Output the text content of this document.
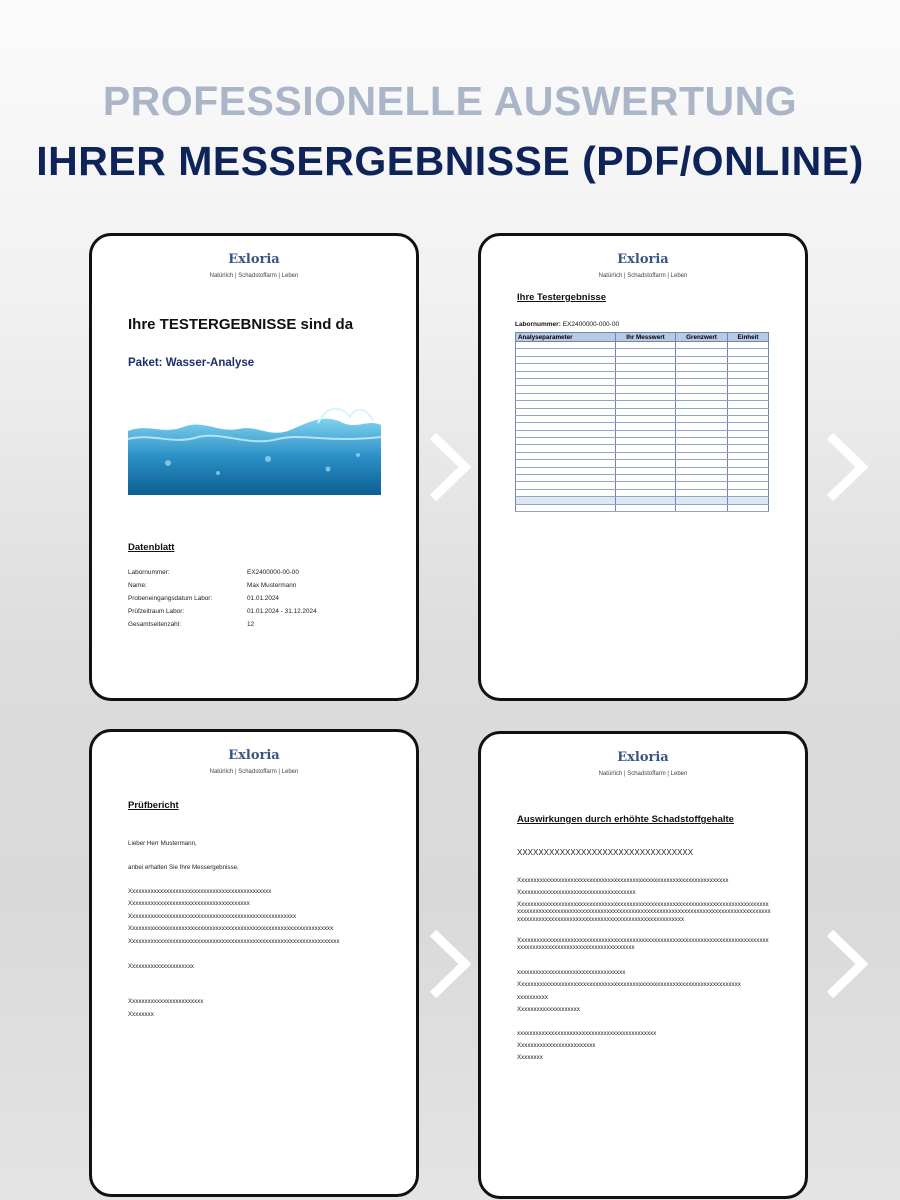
PROFESSIONELLE AUSWERTUNG
IHRER MESSERGEBNISSE (PDF/ONLINE)
Exloria
Natürlich | Schadstoffarm | Leben
Ihre TESTERGEBNISSE sind da
Paket: Wasser-Analyse
Datenblatt
Labornummer:	EX2400000-00-00
Name:	Max Mustermann
Probeneingangsdatum Labor:	01.01.2024
Prüfzeitraum Labor:	01.01.2024 - 31.12.2024
Gesamtseitenzahl:	12
Exloria
Natürlich | Schadstoffarm | Leben
Ihre Testergebnisse
Labornummer: EX2400000-000-00
Analyseparameter	Ihr Messwert	Grenzwert	Einheit

Exloria
Natürlich | Schadstoffarm | Leben
Prüfbericht
Lieber Herr Mustermann,
anbei erhalten Sie Ihre Messergebnisse.
Xxxxxxxxxxxxxxxxxxxxxxxxxxxxxxxxxxxxxxxxxxxxxx
Xxxxxxxxxxxxxxxxxxxxxxxxxxxxxxxxxxxxxxx
Xxxxxxxxxxxxxxxxxxxxxxxxxxxxxxxxxxxxxxxxxxxxxxxxxxxxxx
Xxxxxxxxxxxxxxxxxxxxxxxxxxxxxxxxxxxxxxxxxxxxxxxxxxxxxxxxxxxxxxxxxx
Xxxxxxxxxxxxxxxxxxxxxxxxxxxxxxxxxxxxxxxxxxxxxxxxxxxxxxxxxxxxxxxxxxxx
Xxxxxxxxxxxxxxxxxxxxx
Xxxxxxxxxxxxxxxxxxxxxxxx
Xxxxxxxx
Exloria
Natürlich | Schadstoffarm | Leben
Auswirkungen durch erhöhte Schadstoffgehalte
XXXXXXXXXXXXXXXXXXXXXXXXXXXXXXXXX
Xxxxxxxxxxxxxxxxxxxxxxxxxxxxxxxxxxxxxxxxxxxxxxxxxxxxxxxxxxxxxxxxxxxx
Xxxxxxxxxxxxxxxxxxxxxxxxxxxxxxxxxxxxxx
Xxxxxxxxxxxxxxxxxxxxxxxxxxxxxxxxxxxxxxxxxxxxxxxxxxxxxxxxxxxxxxxxxxxxxxxxxxxxxxxxxxxxxxxxxxxxxxxxxxxxxxxxxxxxxxxxxxxxxxxxxxxxxxxxxxxxxxxxxxxxxxxxxxxxxxxxxxxxxxxxxxxxxxxxxxxxxxxxxxxxxxxxxxxxxxxxxxxxxxxxxxxxxxxxxxxxxxxxx
Xxxxxxxxxxxxxxxxxxxxxxxxxxxxxxxxxxxxxxxxxxxxxxxxxxxxxxxxxxxxxxxxxxxxxxxxxxxxxxxxxxxxxxxxxxxxxxxxxxxxxxxxxxxxxxxxxxxxxxx
xxxxxxxxxxxxxxxxxxxxxxxxxxxxxxxxxxx
Xxxxxxxxxxxxxxxxxxxxxxxxxxxxxxxxxxxxxxxxxxxxxxxxxxxxxxxxxxxxxxxxxxxxxxxx
xxxxxxxxxx
Xxxxxxxxxxxxxxxxxxxx
xxxxxxxxxxxxxxxxxxxxxxxxxxxxxxxxxxxxxxxxxxxxx
Xxxxxxxxxxxxxxxxxxxxxxxxx
Xxxxxxxx
